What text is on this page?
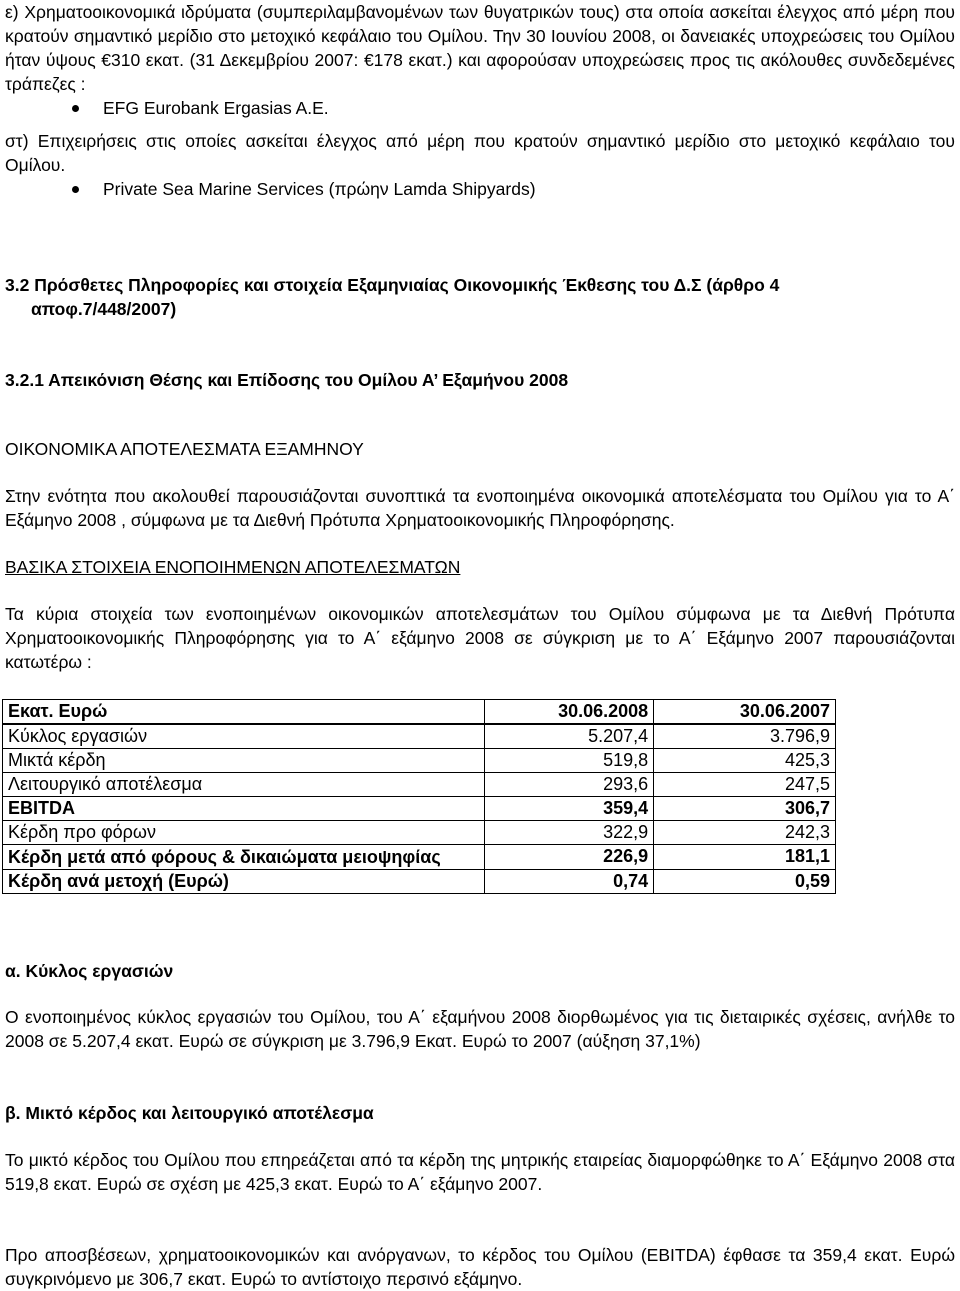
ε) Χρηματοοικονομικά ιδρύματα (συμπεριλαμβανομένων των θυγατρικών τους) στα οποία ασκείται έλεγχος από μέρη που κρατούν σημαντικό μερίδιο στο μετοχικό κεφάλαιο του Ομίλου. Την 30 Ιουνίου 2008, οι δανειακές υποχρεώσεις του Ομίλου ήταν ύψους €310 εκατ. (31 Δεκεμβρίου 2007: €178 εκατ.) και αφορούσαν υποχρεώσεις προς τις ακόλουθες συνδεδεμένες τράπεζες :

EFG Eurobank Ergasias A.E.

στ) Επιχειρήσεις στις οποίες ασκείται έλεγχος από μέρη που κρατούν σημαντικό μερίδιο στο μετοχικό κεφάλαιο του Ομίλου.

Private Sea Marine Services (πρώην Lamda Shipyards)

3.2 Πρόσθετες Πληροφορίες και στοιχεία Εξαμηνιαίας Οικονομικής Έκθεσης του Δ.Σ (άρθρο 4

αποφ.7/448/2007)

3.2.1 Απεικόνιση Θέσης και Επίδοσης του Ομίλου Α’ Εξαμήνου 2008

ΟΙΚΟΝΟΜΙΚΑ ΑΠΟΤΕΛΕΣΜΑΤΑ ΕΞΑΜΗΝΟΥ

Στην ενότητα που ακολουθεί παρουσιάζονται συνοπτικά τα ενοποιημένα οικονομικά αποτελέσματα του Ομίλου για το Α΄ Εξάμηνο 2008 , σύμφωνα με τα Διεθνή Πρότυπα Χρηματοοικονομικής Πληροφόρησης.

ΒΑΣΙΚΑ ΣΤΟΙΧΕΙΑ ΕΝΟΠΟΙΗΜΕΝΩΝ ΑΠΟΤΕΛΕΣΜΑΤΩΝ

Τα κύρια στοιχεία των ενοποιημένων οικονομικών αποτελεσμάτων του Ομίλου σύμφωνα με τα Διεθνή Πρότυπα Χρηματοοικονομικής Πληροφόρησης για το Α΄ εξάμηνο 2008 σε σύγκριση με το Α΄ Εξάμηνο 2007 παρουσιάζονται κατωτέρω :

Εκατ. Ευρώ	30.06.2008	30.06.2007
Κύκλος εργασιών	5.207,4	3.796,9
Μικτά κέρδη	519,8	425,3
Λειτουργικό αποτέλεσμα	293,6	247,5
EBITDA	359,4	306,7
Κέρδη προ φόρων	322,9	242,3
Κέρδη μετά από φόρους & δικαιώματα μειοψηφίας	226,9	181,1
Κέρδη ανά μετοχή (Ευρώ)	0,74	0,59

α. Κύκλος εργασιών

Ο ενοποιημένος κύκλος εργασιών του Ομίλου, του Α΄ εξαμήνου 2008 διορθωμένος για τις διεταιρικές σχέσεις, ανήλθε το 2008 σε 5.207,4 εκατ. Ευρώ σε σύγκριση με 3.796,9 Εκατ. Ευρώ το 2007 (αύξηση 37,1%)

β. Μικτό κέρδος και λειτουργικό αποτέλεσμα

Το μικτό κέρδος του Ομίλου που επηρεάζεται από τα κέρδη της μητρικής εταιρείας διαμορφώθηκε το Α΄ Εξάμηνο 2008 στα 519,8 εκατ. Ευρώ σε σχέση με 425,3 εκατ. Ευρώ το Α΄ εξάμηνο 2007.

Προ αποσβέσεων, χρηματοοικονομικών και ανόργανων, το κέρδος του Ομίλου (EBITDA) έφθασε τα 359,4 εκατ. Ευρώ συγκρινόμενο με 306,7 εκατ. Ευρώ το αντίστοιχο περσινό εξάμηνο.
